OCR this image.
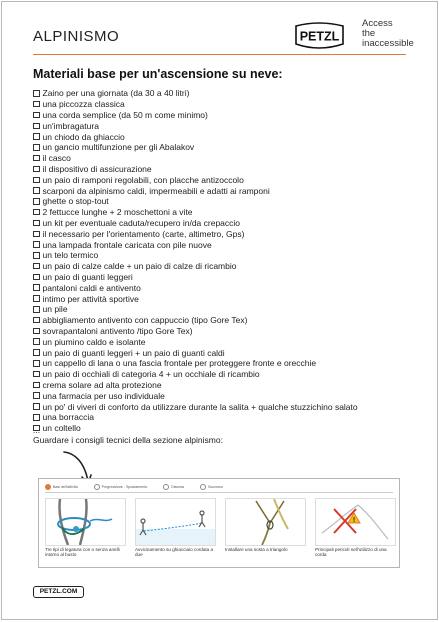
ALPINISMO	PETZL
Access
the
inaccessible
Materiali base per un'ascensione su neve:
Zaino per una giornata (da 30 a 40 litri)
una piccozza classica
una corda semplice (da 50 m come minimo)
un'imbragatura
un chiodo da ghiaccio
un gancio multifunzione per gli Abalakov
il casco
il dispositivo di assicurazione
un paio di ramponi regolabili, con placche antizoccolo
scarponi da alpinismo caldi, impermeabili e adatti ai ramponi
ghette o stop-tout
2 fettucce lunghe + 2 moschettoni a vite
un kit per eventuale caduta/recupero in/da crepaccio
il necessario per l'orientamento (carte, altimetro, Gps)
una lampada frontale caricata con pile nuove
un telo termico
un paio di calze calde + un paio di calze di ricambio
un paio di guanti leggeri
pantaloni caldi e antivento
intimo per attività sportive
un pile
abbigliamento antivento con cappuccio (tipo Gore Tex)
sovrapantaloni antivento /tipo Gore Tex)
un piumino caldo e isolante
un paio di guanti leggeri + un paio di guanti caldi
un cappello di lana o una fascia frontale per proteggere fronte e orecchie
un paio di occhiali di categoria 4 + un occhiale di ricambio
crema solare ad alta protezione
una farmacia per uso individuale
un po' di viveri di conforto da utilizzare durante la salita + qualche stuzzichino salato
una borraccia
un coltello
...
Guardare i consigli tecnici della sezione alpinismo:
Basi dell'attività	Progressione - Spostamento	Discesa	Soccorso
Tre tipi di legatura con o senza anelli intorno al busto
Avvicinamento su ghiacciaio cordata a due
Installare una sosta a triangolo
!
Principali pericoli nell'utilizzo di una corda
PETZL.COM
